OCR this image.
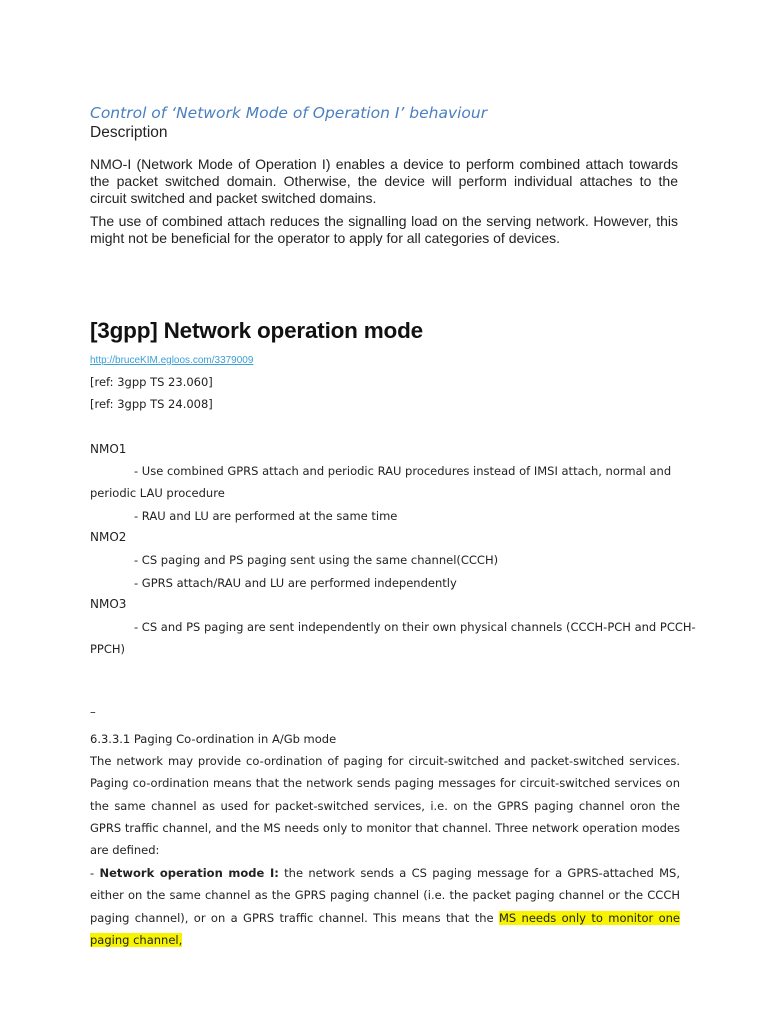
Control of ‘Network Mode of Operation I’ behaviour
Description
NMO-I (Network Mode of Operation I) enables a device to perform combined attach towards the packet switched domain. Otherwise, the device will perform individual attaches to the circuit switched and packet switched domains.
The use of combined attach reduces the signalling load on the serving network. However, this might not be beneficial for the operator to apply for all categories of devices.
[3gpp] Network operation mode
http://bruceKIM.egloos.com/3379009
[ref: 3gpp TS 23.060]
[ref: 3gpp TS 24.008]
NMO1
- Use combined GPRS attach and periodic RAU procedures instead of IMSI attach, normal and
periodic LAU procedure
- RAU and LU are performed at the same time
NMO2
- CS paging and PS paging sent using the same channel(CCCH)
- GPRS attach/RAU and LU are performed independently
NMO3
- CS and PS paging are sent independently on their own physical channels (CCCH-PCH and PCCH-
PPCH)
–
6.3.3.1 Paging Co-ordination in A/Gb mode
The network may provide co-ordination of paging for circuit-switched and packet-switched services. Paging co-ordination means that the network sends paging messages for circuit-switched services on the same channel as used for packet-switched services, i.e. on the GPRS paging channel oron the GPRS traffic channel, and the MS needs only to monitor that channel. Three network operation modes are defined:
- Network operation mode I: the network sends a CS paging message for a GPRS-attached MS, either on the same channel as the GPRS paging channel (i.e. the packet paging channel or the CCCH paging channel), or on a GPRS traffic channel. This means that the MS needs only to monitor one paging channel,
